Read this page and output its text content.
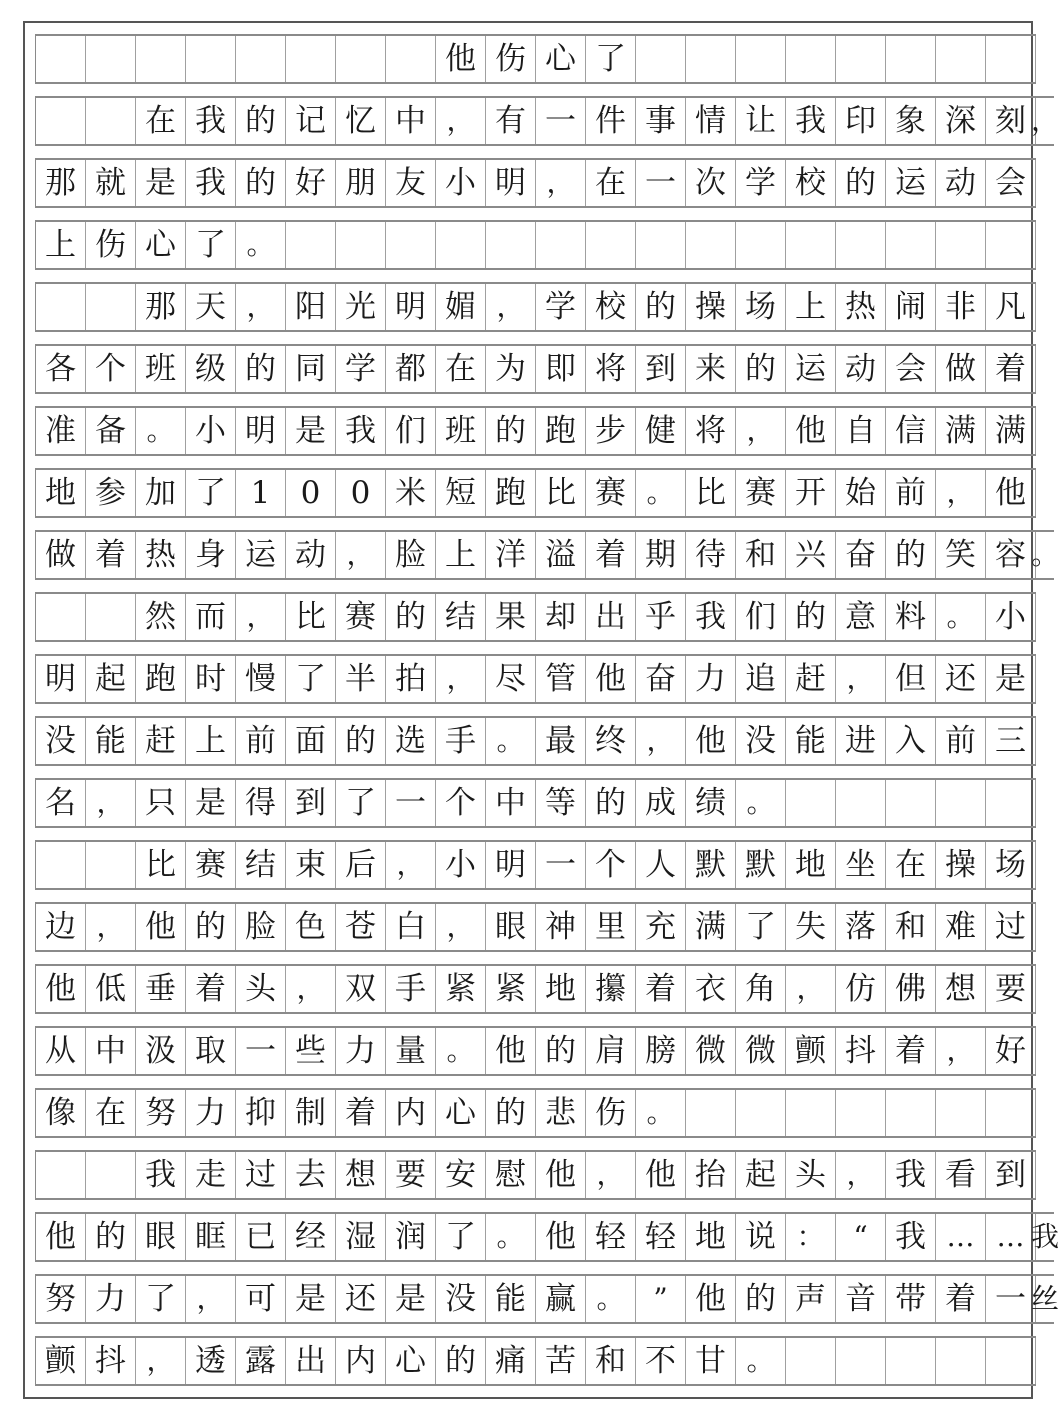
他 伤 心 了
在 我 的 记 忆 中 ， 有 一 件 事 情 让 我 印 象 深 刻 ，
那 就 是 我 的 好 朋 友 小 明 ， 在 一 次 学 校 的 运 动 会
上 伤 心 了 。
那 天 ， 阳 光 明 媚 ， 学 校 的 操 场 上 热 闹 非 凡
各 个 班 级 的 同 学 都 在 为 即 将 到 来 的 运 动 会 做 着
准 备 。 小 明 是 我 们 班 的 跑 步 健 将 ， 他 自 信 满 满
地 参 加 了 1 0 0 米 短 跑 比 赛 。 比 赛 开 始 前 ， 他
做 着 热 身 运 动 ， 脸 上 洋 溢 着 期 待 和 兴 奋 的 笑 容 。
然 而 ， 比 赛 的 结 果 却 出 乎 我 们 的 意 料 。 小
明 起 跑 时 慢 了 半 拍 ， 尽 管 他 奋 力 追 赶 ， 但 还 是
没 能 赶 上 前 面 的 选 手 。 最 终 ， 他 没 能 进 入 前 三
名 ， 只 是 得 到 了 一 个 中 等 的 成 绩 。
比 赛 结 束 后 ， 小 明 一 个 人 默 默 地 坐 在 操 场
边 ， 他 的 脸 色 苍 白 ， 眼 神 里 充 满 了 失 落 和 难 过
他 低 垂 着 头 ， 双 手 紧 紧 地 攥 着 衣 角 ， 仿 佛 想 要
从 中 汲 取 一 些 力 量 。 他 的 肩 膀 微 微 颤 抖 着 ， 好
像 在 努 力 抑 制 着 内 心 的 悲 伤 。
我 走 过 去 想 要 安 慰 他 ， 他 抬 起 头 ， 我 看 到
他 的 眼 眶 已 经 湿 润 了 。 他 轻 轻 地 说 ：	“ 我 … … 我
努 力 了 ， 可 是 还 是 没 能 赢 。	” 他 的 声 音 带 着 一 丝
颤 抖 ， 透 露 出 内 心 的 痛 苦 和 不 甘 。
